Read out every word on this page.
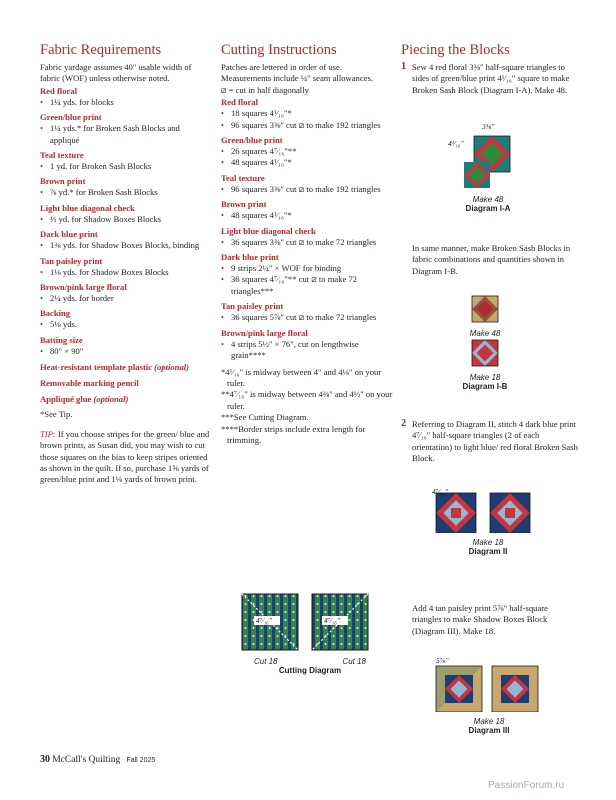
Fabric Requirements

Fabric yardage assumes 40" usable width of fabric (WOF) unless otherwise noted.

Red floral
• 1¼ yds. for blocks
Green/blue print
• 1¼ yds.* for Broken Sash Blocks and appliqué
Teal texture
• 1 yd. for Broken Sash Blocks
Brown print
• ⅞ yd.* for Broken Sash Blocks
Light blue diagonal check
• ⅓ yd. for Shadow Boxes Blocks
Dark blue print
• 1⅜ yds. for Shadow Boxes Blocks, binding
Tan paisley print
• 1⅛ yds. for Shadow Boxes Blocks
Brown/pink large floral
• 2¼ yds. for border
Backing
• 5⅛ yds.
Batting size
• 80" × 90"
Heat-resistant template plastic (optional)
Removable marking pencil
Appliqué glue (optional)

*See Tip.

TIP: If you choose stripes for the green/ blue and brown prints, as Susan did, you may wish to cut those squares on the bias to keep stripes oriented as shown in the quilt. If so, purchase 1⅝ yards of green/blue print and 1⅛ yards of brown print.

Cutting Instructions

Patches are lettered in order of use. Measurements include ¼" seam allowances.

⧄ = cut in half diagonally

Red floral
• 18 squares 4¹⁄₁₆"*
• 96 squares 3⅜" cut ⧄ to make 192 triangles
Green/blue print
• 26 squares 4⁷⁄₁₆"**
• 48 squares 4¹⁄₁₆"*
Teal texture
• 96 squares 3⅜" cut ⧄ to make 192 triangles
Brown print
• 48 squares 4¹⁄₁₆"*
Light blue diagonal check
• 36 squares 3⅜" cut ⧄ to make 72 triangles
Dark blue print
• 9 strips 2¼" × WOF for binding
• 36 squares 4⁷⁄₁₆"** cut ⧄ to make 72 triangles***
Tan paisley print
• 36 squares 5⅞" cut ⧄ to make 72 triangles
Brown/pink large floral
• 4 strips 5½" × 76", cut on lengthwise grain****

*4¹⁄₁₆" is midway between 4" and 4⅛" on your ruler.

**4⁷⁄₁₆" is midway between 4⅜" and 4½" on your ruler.

***See Cutting Diagram.

****Border strips include extra length for trimming.

4⁷⁄₁₆"	4⁷⁄₁₆"
Cut 18	Cut 18
Cutting Diagram
Piecing the Blocks
1 Sew 4 red floral 3⅜" half-square triangles to sides of green/blue print 4¹⁄₁₆" square to make Broken Sash Block (Diagram I-A). Make 48.
3⅜"
4¹⁄₁₆"
Make 48
Diagram I-A

In same manner, make Broken Sash Blocks in fabric combinations and quantities shown in Diagram I-B.

Make 48
Make 18
Diagram I-B
2 Referring to Diagram II, stitch 4 dark blue print 4⁷⁄₁₆" half-square triangles (2 of each orientation) to light blue/ red floral Broken Sash Block.
4⁷⁄₁₆"
Make 18
Diagram II

Add 4 tan paisley print 5⅞" half-square triangles to make Shadow Boxes Block (Diagram III). Make 18.

5⅞"
Make 18
Diagram III
30 McCall's Quilting Fall 2025
PassionForum.ru
